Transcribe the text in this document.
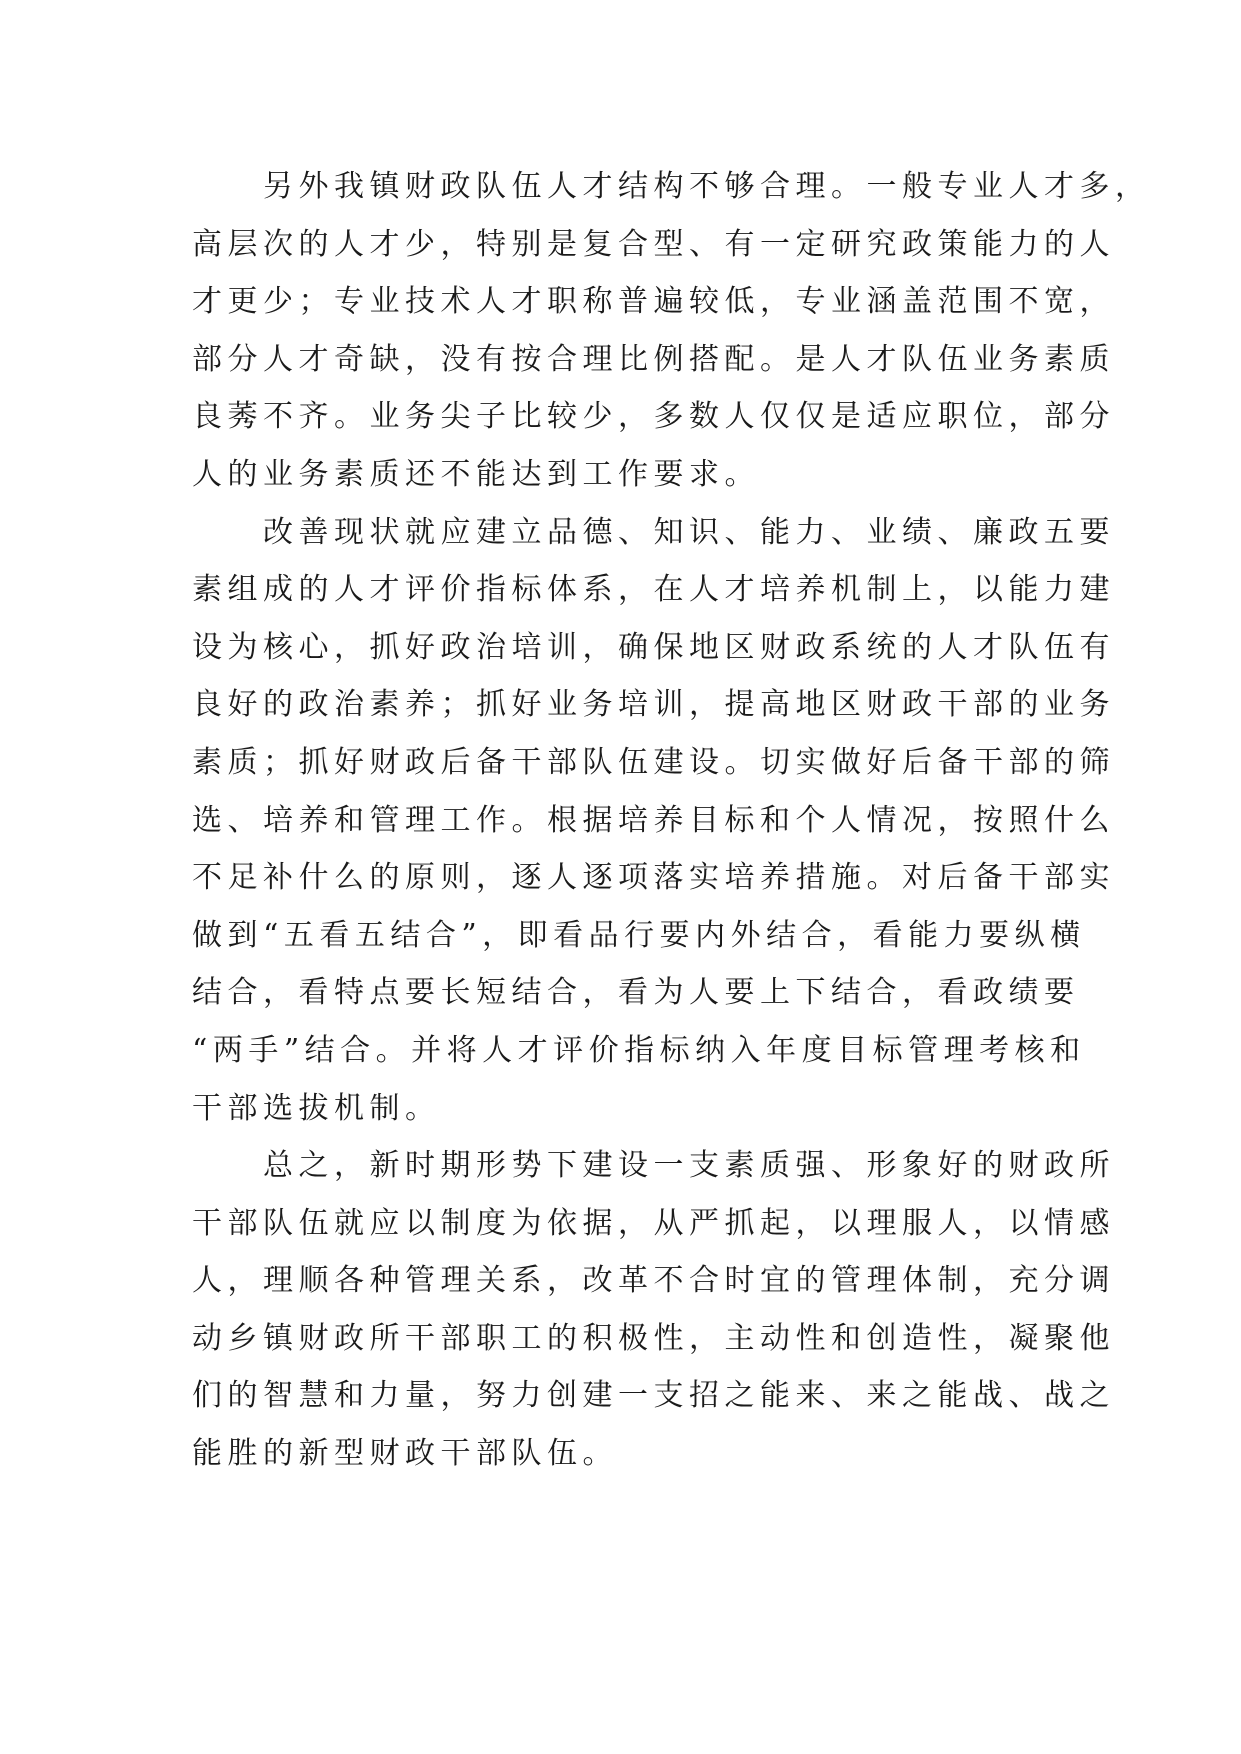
　　另外我镇财政队伍人才结构不够合理。一般专业人才多，
高层次的人才少，特别是复合型、有一定研究政策能力的人
才更少；专业技术人才职称普遍较低，专业涵盖范围不宽，
部分人才奇缺，没有按合理比例搭配。是人才队伍业务素质
良莠不齐。业务尖子比较少，多数人仅仅是适应职位，部分
人的业务素质还不能达到工作要求。
　　改善现状就应建立品德、知识、能力、业绩、廉政五要
素组成的人才评价指标体系，在人才培养机制上，以能力建
设为核心，抓好政治培训，确保地区财政系统的人才队伍有
良好的政治素养；抓好业务培训，提高地区财政干部的业务
素质；抓好财政后备干部队伍建设。切实做好后备干部的筛
选、培养和管理工作。根据培养目标和个人情况，按照什么
不足补什么的原则，逐人逐项落实培养措施。对后备干部实
做到“五看五结合”，即看品行要内外结合，看能力要纵横
结合，看特点要长短结合，看为人要上下结合，看政绩要
“两手”结合。并将人才评价指标纳入年度目标管理考核和
干部选拔机制。
　　总之，新时期形势下建设一支素质强、形象好的财政所
干部队伍就应以制度为依据，从严抓起，以理服人，以情感
人，理顺各种管理关系，改革不合时宜的管理体制，充分调
动乡镇财政所干部职工的积极性，主动性和创造性，凝聚他
们的智慧和力量，努力创建一支招之能来、来之能战、战之
能胜的新型财政干部队伍。
